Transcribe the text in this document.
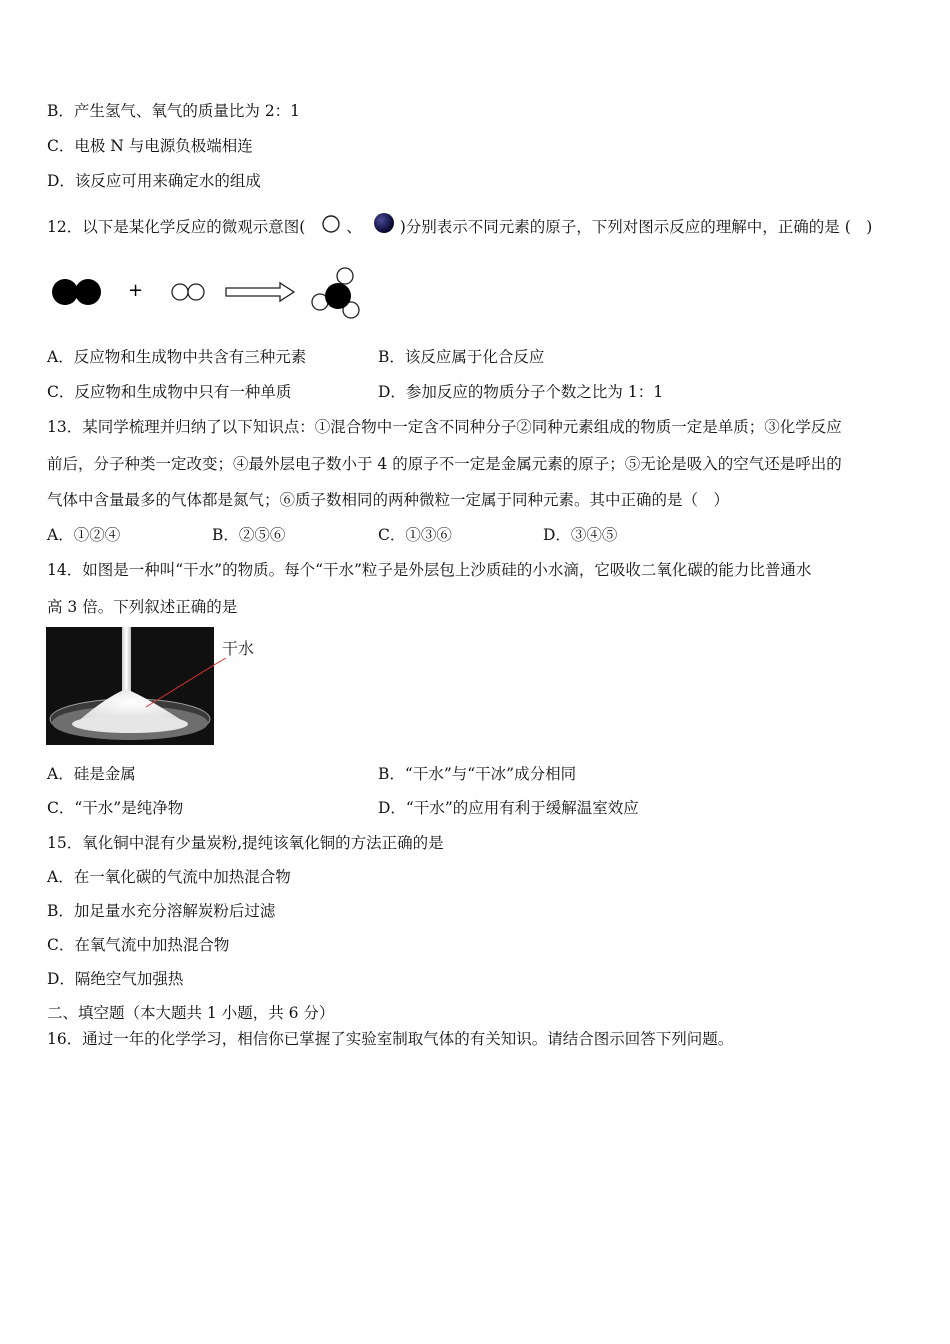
B．产生氢气、氧气的质量比为 2：1
C．电极 N 与电源负极端相连
D．该反应可用来确定水的组成
12．以下是某化学反应的微观示意图(	、 )分别表示不同元素的原子，下列对图示反应的理解中，正确的是 (　)
+
A．反应物和生成物中共含有三种元素	B．该反应属于化合反应
C．反应物和生成物中只有一种单质	D．参加反应的物质分子个数之比为 1：1
13．某同学梳理并归纳了以下知识点：①混合物中一定含不同种分子②同种元素组成的物质一定是单质；③化学反应
前后，分子种类一定改变；④最外层电子数小于 4 的原子不一定是金属元素的原子；⑤无论是吸入的空气还是呼出的
气体中含量最多的气体都是氮气；⑥质子数相同的两种微粒一定属于同种元素。其中正确的是（　）
A．①②④	B．②⑤⑥	C．①③⑥	D．③④⑤
14．如图是一种叫“干水”的物质。每个“干水”粒子是外层包上沙质硅的小水滴，它吸收二氧化碳的能力比普通水
高 3 倍。下列叙述正确的是
干水
A．硅是金属	B．“干水”与“干冰”成分相同
C．“干水”是纯净物	D．“干水”的应用有利于缓解温室效应
15．氧化铜中混有少量炭粉,提纯该氧化铜的方法正确的是
A．在一氧化碳的气流中加热混合物
B．加足量水充分溶解炭粉后过滤
C．在氧气流中加热混合物
D．隔绝空气加强热
二、填空题（本大题共 1 小题，共 6 分）
16．通过一年的化学学习，相信你已掌握了实验室制取气体的有关知识。请结合图示回答下列问题。
